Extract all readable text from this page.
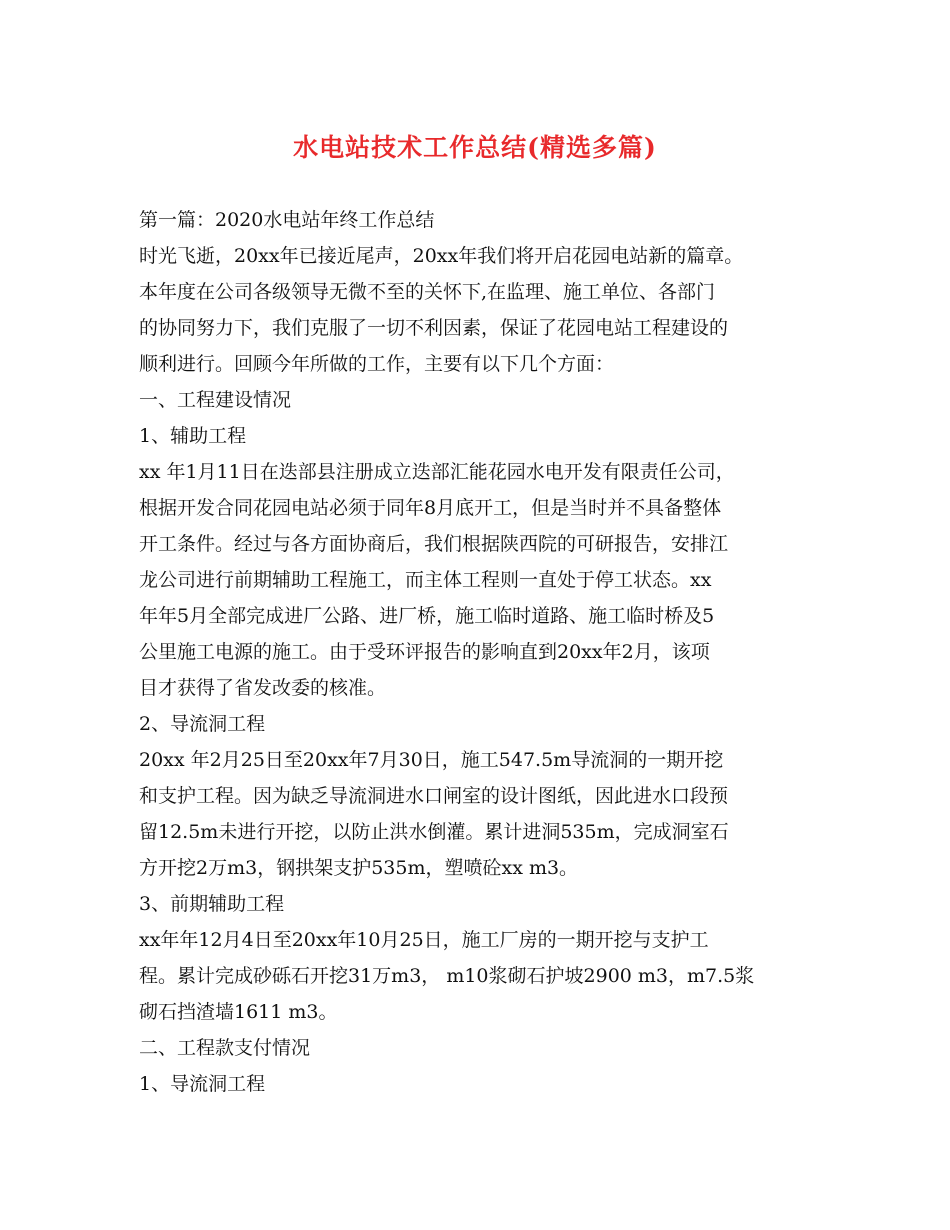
水电站技术工作总结(精选多篇)
第一篇：2020水电站年终工作总结
时光飞逝，20xx年已接近尾声，20xx年我们将开启花园电站新的篇章。
本年度在公司各级领导无微不至的关怀下,在监理、施工单位、各部门
的协同努力下，我们克服了一切不利因素，保证了花园电站工程建设的
顺利进行。回顾今年所做的工作，主要有以下几个方面：
一、工程建设情况
1、辅助工程
xx 年1月11日在迭部县注册成立迭部汇能花园水电开发有限责任公司，
根据开发合同花园电站必须于同年8月底开工，但是当时并不具备整体
开工条件。经过与各方面协商后，我们根据陕西院的可研报告，安排江
龙公司进行前期辅助工程施工，而主体工程则一直处于停工状态。xx
年年5月全部完成进厂公路、进厂桥，施工临时道路、施工临时桥及5
公里施工电源的施工。由于受环评报告的影响直到20xx年2月，该项
目才获得了省发改委的核准。
2、导流洞工程
20xx 年2月25日至20xx年7月30日，施工547.5m导流洞的一期开挖
和支护工程。因为缺乏导流洞进水口闸室的设计图纸，因此进水口段预
留12.5m未进行开挖，以防止洪水倒灌。累计进洞535m，完成洞室石
方开挖2万m3，钢拱架支护535m，塑喷砼xx m3。
3、前期辅助工程
xx年年12月4日至20xx年10月25日，施工厂房的一期开挖与支护工
程。累计完成砂砾石开挖31万m3， m10浆砌石护坡2900 m3，m7.5浆
砌石挡渣墙1611 m3。
二、工程款支付情况
1、导流洞工程
